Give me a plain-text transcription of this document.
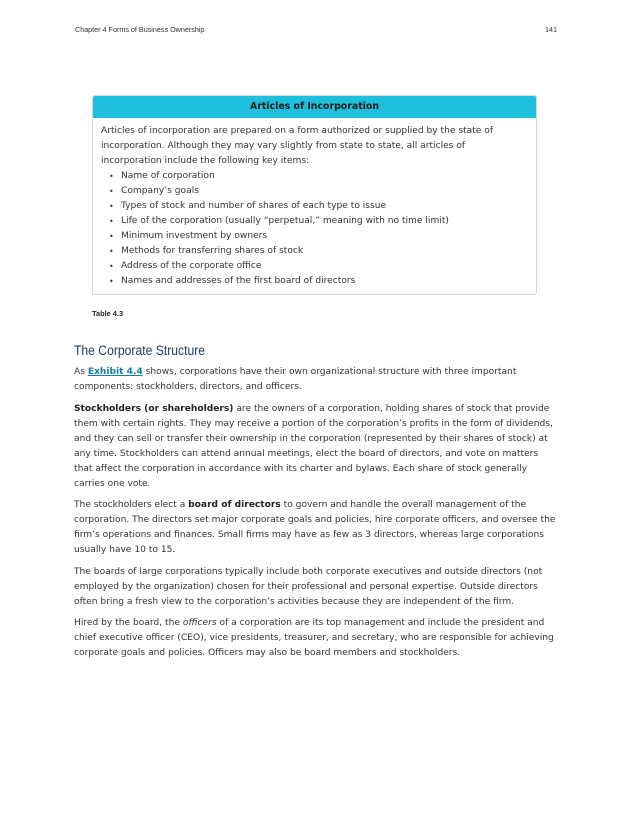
Chapter 4 Forms of Business Ownership	141
Articles of Incorporation

Articles of incorporation are prepared on a form authorized or supplied by the state of incorporation. Although they may vary slightly from state to state, all articles of incorporation include the following key items:

• Name of corporation
• Company’s goals
• Types of stock and number of shares of each type to issue
• Life of the corporation (usually “perpetual,” meaning with no time limit)
• Minimum investment by owners
• Methods for transferring shares of stock
• Address of the corporate office
• Names and addresses of the first board of directors
Table 4.3
The Corporate Structure

As Exhibit 4.4 shows, corporations have their own organizational structure with three important components: stockholders, directors, and officers.

Stockholders (or shareholders) are the owners of a corporation, holding shares of stock that provide them with certain rights. They may receive a portion of the corporation’s profits in the form of dividends, and they can sell or transfer their ownership in the corporation (represented by their shares of stock) at any time. Stockholders can attend annual meetings, elect the board of directors, and vote on matters that affect the corporation in accordance with its charter and bylaws. Each share of stock generally carries one vote.

The stockholders elect a board of directors to govern and handle the overall management of the corporation. The directors set major corporate goals and policies, hire corporate officers, and oversee the firm’s operations and finances. Small firms may have as few as 3 directors, whereas large corporations usually have 10 to 15.

The boards of large corporations typically include both corporate executives and outside directors (not employed by the organization) chosen for their professional and personal expertise. Outside directors often bring a fresh view to the corporation’s activities because they are independent of the firm.

Hired by the board, the officers of a corporation are its top management and include the president and chief executive officer (CEO), vice presidents, treasurer, and secretary, who are responsible for achieving corporate goals and policies. Officers may also be board members and stockholders.
